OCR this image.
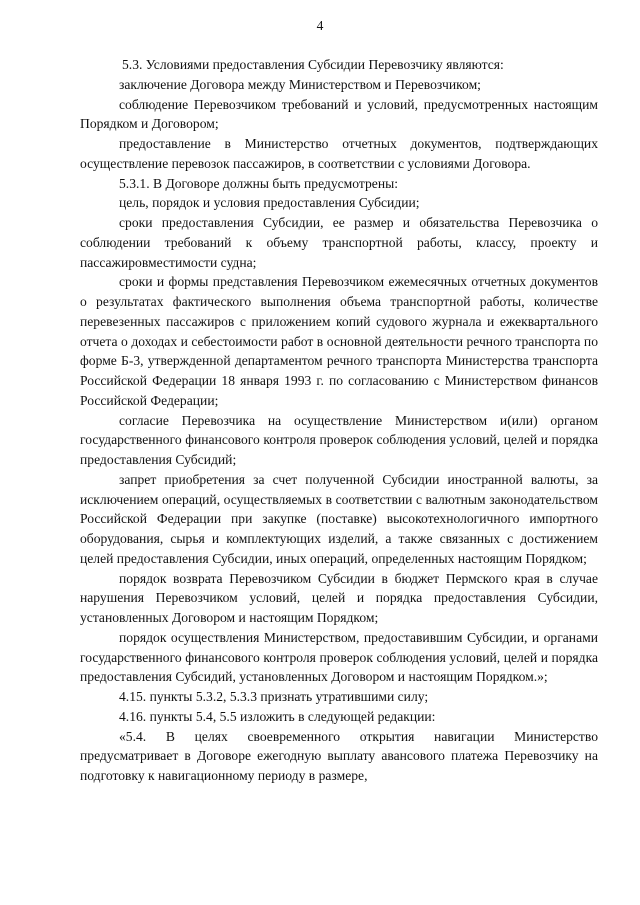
4

5.3. Условиями предоставления Субсидии Перевозчику являются:

заключение Договора между Министерством и Перевозчиком;

соблюдение Перевозчиком требований и условий, предусмотренных настоящим Порядком и Договором;

предоставление в Министерство отчетных документов, подтверждающих осуществление перевозок пассажиров, в соответствии с условиями Договора.

5.3.1. В Договоре должны быть предусмотрены:

цель, порядок и условия предоставления Субсидии;

сроки предоставления Субсидии, ее размер и обязательства Перевозчика о соблюдении требований к объему транспортной работы, классу, проекту и пассажировместимости судна;

сроки и формы представления Перевозчиком ежемесячных отчетных документов о результатах фактического выполнения объема транспортной работы, количестве перевезенных пассажиров с приложением копий судового журнала и ежеквартального отчета о доходах и себестоимости работ в основной деятельности речного транспорта по форме Б-3, утвержденной департаментом речного транспорта Министерства транспорта Российской Федерации 18 января 1993 г. по согласованию с Министерством финансов Российской Федерации;

согласие Перевозчика на осуществление Министерством и(или) органом государственного финансового контроля проверок соблюдения условий, целей и порядка предоставления Субсидий;

запрет приобретения за счет полученной Субсидии иностранной валюты, за исключением операций, осуществляемых в соответствии с валютным законодательством Российской Федерации при закупке (поставке) высокотехнологичного импортного оборудования, сырья и комплектующих изделий, а также связанных с достижением целей предоставления Субсидии, иных операций, определенных настоящим Порядком;

порядок возврата Перевозчиком Субсидии в бюджет Пермского края в случае нарушения Перевозчиком условий, целей и порядка предоставления Субсидии, установленных Договором и настоящим Порядком;

порядок осуществления Министерством, предоставившим Субсидии, и органами государственного финансового контроля проверок соблюдения условий, целей и порядка предоставления Субсидий, установленных Договором и настоящим Порядком.»;

4.15. пункты 5.3.2, 5.3.3 признать утратившими силу;

4.16. пункты 5.4, 5.5 изложить в следующей редакции:

«5.4. В целях своевременного открытия навигации Министерство предусматривает в Договоре ежегодную выплату авансового платежа Перевозчику на подготовку к навигационному периоду в размере,
